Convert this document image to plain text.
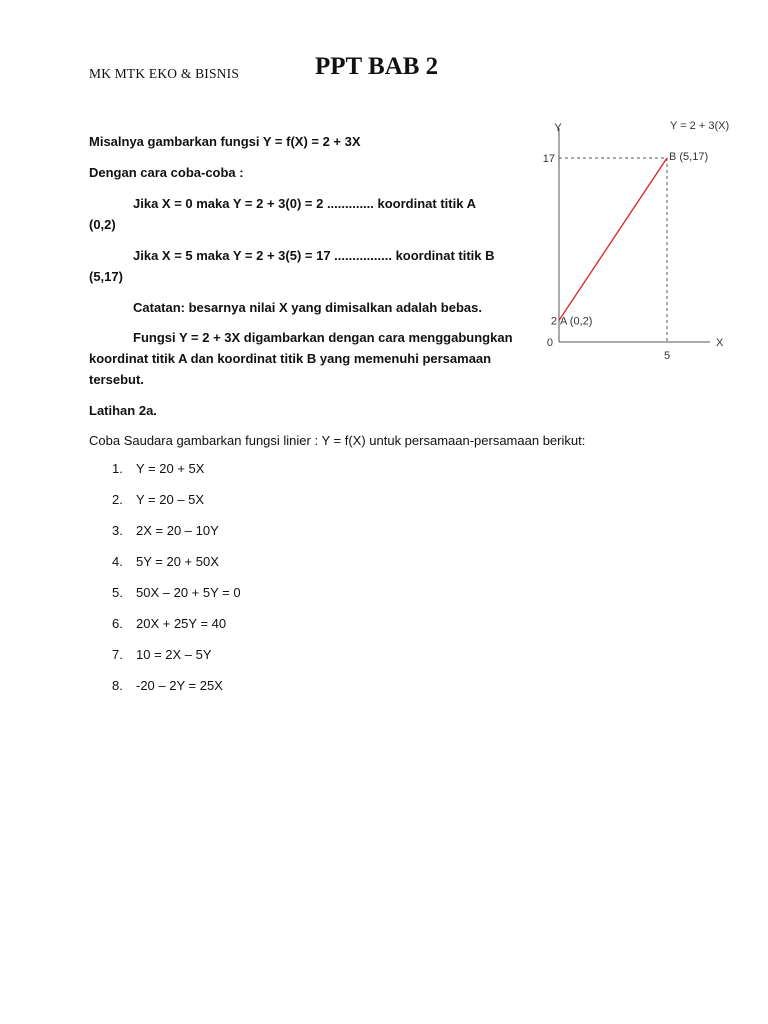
MK MTK EKO & BISNIS	PPT BAB 2
Misalnya gambarkan fungsi Y = f(X) = 2 + 3X
Dengan cara coba-coba :
Jika X = 0 maka Y = 2 + 3(0) = 2 ............. koordinat titik A
(0,2)
Jika X = 5 maka Y = 2 + 3(5) = 17 ................ koordinat titik B
(5,17)
Catatan: besarnya nilai X yang dimisalkan adalah bebas.
Fungsi Y = 2 + 3X digambarkan dengan cara menggabungkan
koordinat titik A dan koordinat titik B yang memenuhi persamaan
tersebut.
Latihan 2a.
Coba Saudara gambarkan fungsi linier : Y = f(X) untuk persamaan-persamaan berikut:
1. Y = 20 + 5X
2. Y = 20 – 5X
3. 2X = 20 – 10Y
4. 5Y = 20 + 50X
5. 50X – 20 + 5Y = 0
6. 20X + 25Y = 40
7. 10 = 2X – 5Y
8. -20 – 2Y = 25X
Y
X
Y = 2 + 3(X)
0
5
2
17
A (0,2)
B (5,17)
